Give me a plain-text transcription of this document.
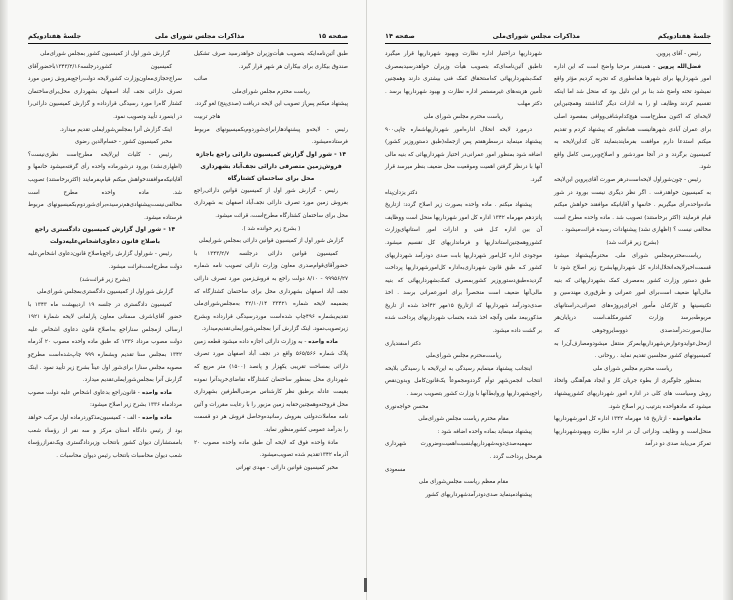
صفحه ۱۵
مذاکرات مجلس شورای ملی
جلسهٔ هفتادویکم

طبق آئین‌نامه‌ایکه بتصویب هیأت‌وزیران خواهدرسید صرف تشکیل صندوق بیکاری برای بیکاران هر شهر قرار گیرد.

صائب

ریاست محترم مجلس شورای‌ملی

پیشنهاد میکنم پس‌از تصویب این لایحه دریافت (صدی‌پنج) لغو گردد.

هاجر تربیت

رئیس - لایحه‌و پیشنهادهارابرای‌شوردوم‌بکمیسیونهای مربوط فرستاده‌میشود.

۱۴ - شور اول گزارش کمیسیون دارائی راجع باجازه فروش‌زمین متصرفی دارائی نجف‌آباد بشهرداری محل برای ساختمان کشتارگاه

رئیس - گزارش شور اول از کمیسیون قوانین دارائی‌راجع بفروش زمین مورد تصرف دارائی نجف‌آباد اصفهان به شهرداری محل برای ساختمان کشتارگاه مطرح‌است، قرائت میشود.

( بشرح زیر خوانده شد ).

گزارش شور اول از کمیسیون قوانین دارائی بمجلس شورایملی

کمیسیون قوانین دارائی درجلسه ۱۳۴۳/۲/۷ با حضورآقای‌قوام‌صدری معاون وزارت دارائی تصویب نامه شماره ۹۹۹۵۶/۲۷ - ۸/۱۰ دولت راجع به فروش‌زمین مورد تصرف دارائی نجف آباد اصفهان بشهرداری محل برای ساختمان کشتارگاه که بضمیمه لایحه شماره ۳۳۴۲۱ ۴۲/۱۰/۱۴ به‌مجلس‌شورای‌ملی تقدیم‌بشماره ۴۹۶چاپ شده‌است موردرسیدگی قرارداده وبشرح زیرتصویب‌نمود. اینک گزارش آنرا بمجلس‌شورایملی‌تقدیم‌میدارد.

ماده واحده - به وزارت دارائی اجازه داده میشود قطعه زمین پلاک شماره ۵۶۵/۵۶۶ واقع در نجف آباد اصفهان مورد تصرف دارائی بمساحت تقریبی یکهزار و پانصد (۱۵۰۰) متر مربع که شهرداری محل بمنظور ساختمان کشتارگاه تقاضای‌خریدآنرا نموده بقیمت عادله برطبق نظر کارشناس مرضی‌الطرفین بشهرداری محل فروخته‌وهمچنین‌حقابه زمین مزبور را با رعایت مقررات و آئین نامه معاملات‌دولتی بفروش رسانیده‌وحاصل فروش هر دو قسمت را بدرآمد عمومی کشورمنظور نماید.

مادهٔ واحده فوق که لایحه آن طبق ماده واحده مصوب ۲۰ آذرماه ۱۳۴۲تقدیم شده تصویب‌میشود.

مخبر کمیسیون قوانین دارائی - مهدی تهرانی

گزارش شور اول از کمیسیون کشور بمجلس شورای‌ملی

کمیسیون کشوردرجلسه۱۳۴۳/۲/۱۶باحضورآقای سراج‌حجازی‌معاون‌وزارت کشورلایحه دولت‌راجع‌بفروش زمین مورد تصرف دارائی نجف آباد اصفهان بشهرداری محل‌برای‌ساختمان کشتار گاه‌را مورد رسیدگی قرارداده و گزارش کمیسیون دارائی‌را در اینمورد تأیید وتصویب نمود.

اینک گزارش آنرا بمجلس‌شورایملی تقدیم میدارد.

مخبر کمیسیون کشور - حسام‌الدین رضوی

رئیس - کلیات این‌لایحه مطرح‌است نظری‌نیست؟ (اظهاری‌نشد) بورود درشورماده واحده رأی گرفته‌میشود خانمها و آقایانیکه‌موافقند‌خواهش میکنم قیام‌بفرمایند (اکثربرخاستند) تصویب شد. ماده واحده مطرح است مخالفی‌نیست‌پیشنهادی‌هم‌نرسیده‌برای‌شوردوم‌بکمیسیونهای مربوط فرستاده میشود.

۱۴ - شور اول گزارش کمیسیون دادگستری راجع باصلاح قانون دعاوی‌اشخاص‌علیه‌دولت

رئیس - شوراول گزارش راجع‌باصلاح قانون‌دعاوی اشخاص‌علیه دولت مطرح‌است‌قرائت میشود.

(بشرح زیر قرائت‌شد)

گزارش شوراول از کمیسیون دادگستری‌بمجلس شورای‌ملی

کمیسیون دادگستری در جلسه ۱۹ اردیبهشت ماه ۱۳۴۳ با حضور آقای‌اشرف سمنانی معاون پارلمانی لایحه شمارهٔ ۱۹۲۱ ارسالی ازمجلس سنا‌راجع به‌اصلاح قانون دعاوی اشخاص علیه دولت مصوب مرداد ۱۳۳۶ که طبق ماده واحده مصوب ۲۰ آذرماه ۱۳۴۲ بمجلس سنا تقدیم وبشماره ۹۹۹ چاپ‌شده‌است مطرح‌و مصوبه مجلس سنارا برای‌شور اول عیناً بشرح زیر تأیید نمود . اینک گزارش آنرا بمجلس‌شورایملی‌تقدیم میدارد.

ماده واحده - قانون‌راجع بدعاوی اشخاص علیه دولت مصوب مردادماه ۱۳۳۶ بشرح زیر اصلاح میشود:

ماده واحده - الف - کمیسیون‌مذکوردرماده اول مرکب خواهد بود از رئیس دادگاه استان مرکز و سه نفر از رؤساء شعب بامستشاران دیوان کشور بانتخاب وزیردادگستری ویک‌نفرازرؤساء شعب دیوان محاسبات بانتخاب رئیس دیوان محاسبات .

جلسهٔ هفتادویکم
مذاکرات مجلس شورای‌ملی
صفحه ۱۴

رئیس - آقای پروین.

فضل‌الله پروین - همینقدر مرحبا واضح است که این اداره امور شهرداریها برای شهرها همانطوری که تجربه کردیم مؤثر واقع نمیشود تخته واضح شد بنا بر این دلیل بود که منحل شد اما اینکه تقسیم کردند وظایف او را به ادارات دیگر گذاشتند وهمچنین‌این لایحه‌ای که اکنون مطرح‌است هیچ‌کدام‌شافی‌ووافی بمقصود اصلی برای عمران آبادی شهرهانیست همانطور که پیشنهاد کردم و تقدیم میکنم استدعا دارم موافقت بفرمایند‌بنمایند کان کداین‌لایحه به کمیسیون برگردد و در آنجا موردشور و اصلاح‌وبررسی کامل واقع شود.

رئیس - چون‌شوراول لایحه‌است‌درهر صورت آقای‌پروین این‌لایحه به کمیسیون خواهد‌رفت . اگر نظر دیگری نیست بورود در شور ماده‌واحده‌رأی میگیریم . خانمها و آقایانیکه موافقند خواهش میکنم قیام فرمایند (اکثر برخاستند) تصویب شد . ماده واحده مطرح است مخالفی نیست ؟ (اظهاری نشد) پیشنهادات رسیده قرائت‌میشود .

(بشرح زیر قرائت شد)

ریاست‌محترم‌مجلس شورای ملی. محترماً‌پیشنهاد میشود قسمت‌اخیرلایحه‌انحلال‌اداره کل شهرداریهابشرح زیر اصلاح شود تا طبق دستور وزارت کشور به‌مصرف کمک بشهرداریهائی که بنیه مالی‌آنها ضعیف است‌برای امور عمرانی و طرق‌وری مهندسین و تکنیسینها و کارکنان مأمور اجرای‌پروژه‌های عمرانی‌دراستانهای مربوطه‌برسد وزارت کشورمکلف‌است درپایان‌هر سال‌صورت‌درآمدصدی دو‌وسایروجوهی که ازمحل‌عوایدوعوارض‌شهرداریهابمرکز منتقل میشودومصارف‌آن‌را به کمیسیونهای کشور مجلسین تقدیم نماید . روحانی .

ریاست محترم مجلس شورای ملی

بمنظور جلوگیری از بطوء جریان کار و ایجاد هم‌آهنگی واتخاذ روش وسیاست های کلی در اداره امور شهرداریهای کشورپیشنهاد میشود که مادهواحده بترتیب زیر اصلاح شود.

مادهواحده - ازتاریخ ۱۵ مهرماه ۱۳۴۲ اداره کل امورشهرداریها منحل‌است و وظایف وداراتی آن در اداره نظارت وبهبودشهرداریها تمرکز می‌یابد صدی دو درآمد

شهرداریها دراختیار اداره نظارت وبهبود شهرداریها قرار میگیرد تاطبق آئین‌نامه‌ای‌که بتصویب هیأت وزیران خواهدرسیدبمصرف کمک‌بشهرداریهائی که‌استحقاق کمک فنی بیشتری دارند وهمچنین تأمین هزینه‌های غیرمستمر اداره نظارت و بهبود شهرداریها برسد . دکتر مهلب

ریاست محترم مجلس شورای ملی

درمورد لایحه انحلال اداره‌امور شهرداریهاشماره چاپی۹۰۰ پیشنهاد مینماید درسطرهفتم پس ازجمله(طبق دستوروزیر کشور) اضافه شود بمنظور امور عمرانی‌در اختیار شهرداریهائی که بنیه مالی آنها با درنظر گرفتن اهمیت وموقعیت محل ضعیف بنظر میرسد قرار گیرد.

دکتر یزدان‌پناه

پیشنهاد میکنم . ماده واحده بصورت زیر اصلاح گردد: ازتاریخ پانزدهم مهرماه ۱۳۴۲ اداره کل امور شهرداریها منحل است ووظایف آن بین اداره کـل فنی و ادارات امور استانهای‌وزارت کشوروهمچنین‌استانداریها و فرمانداریهای کل تقسیم میشود. موجودی اداره کل‌امور شهرداریها بابت صدی دودرآمد شهرداریهای کشور کـه طبق قانون شهرداری‌به‌اداره کل‌امورشهرداریها پرداخت گردیده‌طبق‌دستوروزیر کشوربمصرف کمک‌بشهرداریهائی که بنیه مالی‌آنها ضعیف است منحصراً برای امورعمرانی برسد . اخذ صدی‌دودرآمد شهرداریها که ازتاریخ ۱۵مهر ۴۲اخذ شده از تاریخ مذکورببعد ملغی وآنچه اخذ شده بحساب شهرداریهای پرداخت شده بر گشت داده میشود.

دکتر اسفندیاری

ریاست‌محترم مجلس شورای‌ملی

اینجانب پیشنهاد مینمایم رسیدگی به این‌لایحه با رسیدگی بلایحه انتخاب انجمن‌شهر توأم گردد‌ومجموعاً یک‌قانون‌کامل وبدون‌نقص راجع‌بشهرداریها وروابط‌آنها با وزارت کشور بتصویب برسد .

محسن خواجه‌نوری

مقام محترم ریاست مجلس شورای‌ملی

پیشنهاد مینماید بماده واحده اضافه شود :

سهمیه‌صدی‌دوبه‌شهرداریهابنسبت‌اهمیت‌وضرورت شهرداری هرمحل پرداخت گردد .

مسعودی

مقام معظم ریاست مجلس‌شورای ملی

پیشنهاد‌مینماید صدی‌دودرآمدشهرداریهای کشور
